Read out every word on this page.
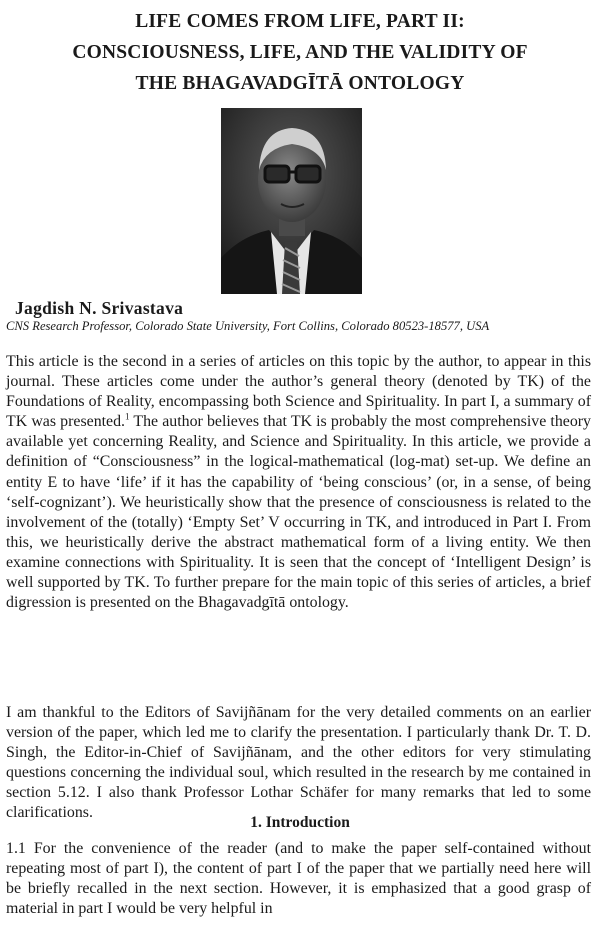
LIFE COMES FROM LIFE, PART II:
CONSCIOUSNESS, LIFE, AND THE VALIDITY OF
THE BHAGAVADGĪTĀ ONTOLOGY
Jagdish N. Srivastava
CNS Research Professor, Colorado State University, Fort Collins, Colorado 80523-18577, USA
This article is the second in a series of articles on this topic by the author, to appear in this journal. These articles come under the author’s general theory (denoted by TK) of the Foundations of Reality, encompassing both Science and Spirituality. In part I, a summary of TK was presented.$^1$ The author believes that TK is probably the most comprehensive theory available yet concerning Reality, and Science and Spirituality. In this article, we provide a definition of “Consciousness” in the logical-mathematical (log-mat) set-up. We define an entity E to have ‘life’ if it has the capability of ‘being conscious’ (or, in a sense, of being ‘self-cognizant’). We heuristically show that the presence of consciousness is related to the involvement of the (totally) ‘Empty Set’ V occurring in TK, and introduced in Part I. From this, we heuristically derive the abstract mathematical form of a living entity. We then examine connections with Spirituality. It is seen that the concept of ‘Intelligent Design’ is well supported by TK. To further prepare for the main topic of this series of articles, a brief digression is presented on the Bhagavadgītā ontology.
I am thankful to the Editors of Savijñānam for the very detailed comments on an earlier version of the paper, which led me to clarify the presentation. I particularly thank Dr. T. D. Singh, the Editor-in-Chief of Savijñānam, and the other editors for very stimulating questions concerning the individual soul, which resulted in the research by me contained in section 5.12. I also thank Professor Lothar Schäfer for many remarks that led to some clarifications.
1. Introduction
1.1 For the convenience of the reader (and to make the paper self-contained without repeating most of part I), the content of part I of the paper that we partially need here will be briefly recalled in the next section. However, it is emphasized that a good grasp of material in part I would be very helpful in
